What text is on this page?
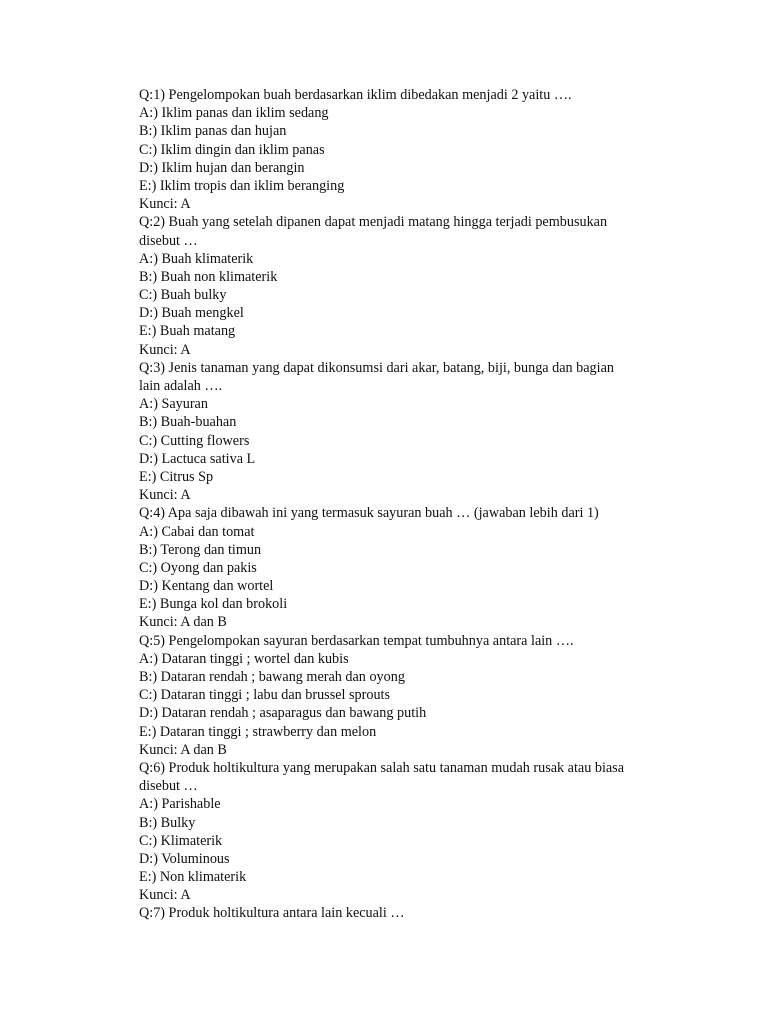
Q:1) Pengelompokan buah berdasarkan iklim dibedakan menjadi 2 yaitu ….
A:) Iklim panas dan iklim sedang
B:) Iklim panas dan hujan
C:) Iklim dingin dan iklim panas
D:) Iklim hujan dan berangin
E:) Iklim tropis dan iklim beranging
Kunci: A
Q:2) Buah yang setelah dipanen dapat menjadi matang hingga terjadi pembusukan
disebut …
A:) Buah klimaterik
B:) Buah non klimaterik
C:) Buah bulky
D:) Buah mengkel
E:) Buah matang
Kunci: A
Q:3) Jenis tanaman yang dapat dikonsumsi dari akar, batang, biji, bunga dan bagian
lain adalah ….
A:) Sayuran
B:) Buah-buahan
C:) Cutting flowers
D:) Lactuca sativa L
E:) Citrus Sp
Kunci: A
Q:4) Apa saja dibawah ini yang termasuk sayuran buah … (jawaban lebih dari 1)
A:) Cabai dan tomat
B:) Terong dan timun
C:) Oyong dan pakis
D:) Kentang dan wortel
E:) Bunga kol dan brokoli
Kunci: A dan B
Q:5) Pengelompokan sayuran berdasarkan tempat tumbuhnya antara lain ….
A:) Dataran tinggi ; wortel dan kubis
B:) Dataran rendah ; bawang merah dan oyong
C:) Dataran tinggi ; labu dan brussel sprouts
D:) Dataran rendah ; asaparagus dan bawang putih
E:) Dataran tinggi ; strawberry dan melon
Kunci: A dan B
Q:6) Produk holtikultura yang merupakan salah satu tanaman mudah rusak atau biasa
disebut …
A:) Parishable
B:) Bulky
C:) Klimaterik
D:) Voluminous
E:) Non klimaterik
Kunci: A
Q:7) Produk holtikultura antara lain kecuali …
